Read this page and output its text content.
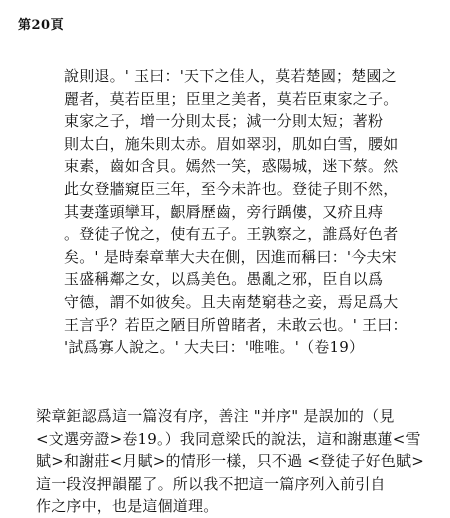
第20頁
說則退。' 玉曰：'天下之佳人，莫若楚國；楚國之
麗者，莫若臣里；臣里之美者，莫若臣東家之子。
東家之子，增一分則太長；減一分則太短；著粉
則太白，施朱則太赤。眉如翠羽，肌如白雪，腰如
束素，齒如含貝。嫣然一笑，惑陽城，迷下蔡。然
此女登牆窺臣三年，至今未許也。登徒子則不然，
其妻蓬頭攣耳，齞脣歷齒，旁行踽僂，又疥且痔
。登徒子悅之，使有五子。王孰察之，誰爲好色者
矣。' 是時秦章華大夫在側，因進而稱曰：'今夫宋
玉盛稱鄰之女，以爲美色。愚亂之邪，臣自以爲
守德，謂不如彼矣。且夫南楚窮巷之妾，焉足爲大
王言乎？若臣之陋目所曾睹者，未敢云也。' 王曰：
'試爲寡人說之。' 大夫曰：'唯唯。'（卷19）
梁章鉅認爲這一篇沒有序，善注 "并序" 是誤加的（見
<文選旁證>卷19。）我同意梁氏的說法，這和謝惠蓮<雪
賦>和謝莊<月賦>的情形一樣，只不過 <登徒子好色賦>
這一段沒押韻罷了。所以我不把這一篇序列入前引自
作之序中，也是這個道理。
